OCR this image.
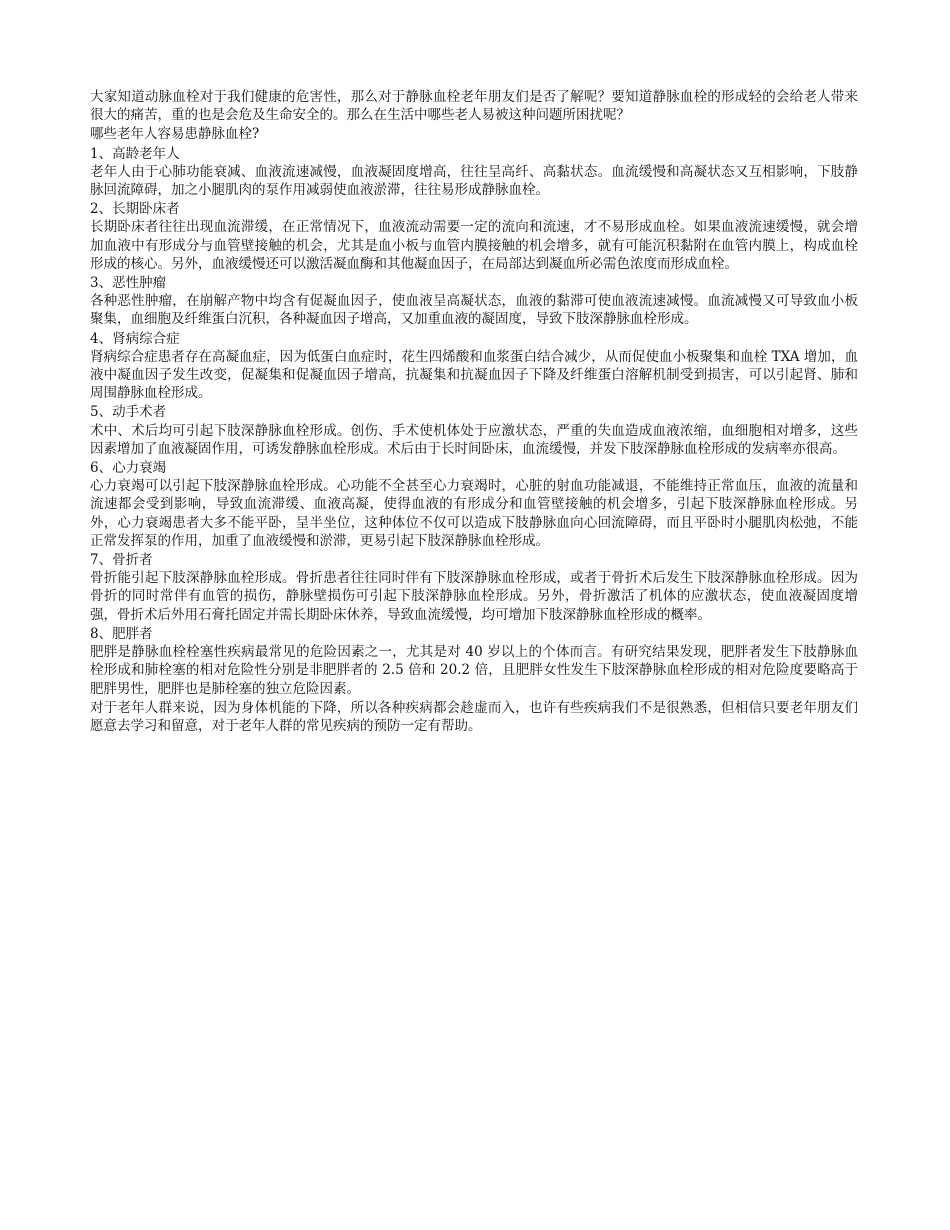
大家知道动脉血栓对于我们健康的危害性，那么对于静脉血栓老年朋友们是否了解呢？要知道静脉血栓的形成轻的会给老人带来很大的痛苦，重的也是会危及生命安全的。那么在生活中哪些老人易被这种问题所困扰呢？

哪些老年人容易患静脉血栓?

1、高龄老年人

老年人由于心肺功能衰减、血液流速减慢，血液凝固度增高，往往呈高纤、高黏状态。血流缓慢和高凝状态又互相影响，下肢静脉回流障碍，加之小腿肌肉的泵作用减弱使血液淤滞，往往易形成静脉血栓。

2、长期卧床者

长期卧床者往往出现血流滞缓，在正常情况下，血液流动需要一定的流向和流速，才不易形成血栓。如果血液流速缓慢，就会增加血液中有形成分与血管壁接触的机会，尤其是血小板与血管内膜接触的机会增多，就有可能沉积黏附在血管内膜上，构成血栓形成的核心。另外，血液缓慢还可以激活凝血酶和其他凝血因子，在局部达到凝血所必需色浓度而形成血栓。

3、恶性肿瘤

各种恶性肿瘤，在崩解产物中均含有促凝血因子，使血液呈高凝状态，血液的黏滞可使血液流速减慢。血流减慢又可导致血小板聚集，血细胞及纤维蛋白沉积，各种凝血因子增高，又加重血液的凝固度，导致下肢深静脉血栓形成。

4、肾病综合症

肾病综合症患者存在高凝血症，因为低蛋白血症时，花生四烯酸和血浆蛋白结合减少，从而促使血小板聚集和血栓 TXA 增加，血液中凝血因子发生改变，促凝集和促凝血因子增高，抗凝集和抗凝血因子下降及纤维蛋白溶解机制受到损害，可以引起肾、肺和周围静脉血栓形成。

5、动手术者

术中、术后均可引起下肢深静脉血栓形成。创伤、手术使机体处于应激状态，严重的失血造成血液浓缩，血细胞相对增多，这些因素增加了血液凝固作用，可诱发静脉血栓形成。术后由于长时间卧床，血流缓慢，并发下肢深静脉血栓形成的发病率亦很高。

6、心力衰竭

心力衰竭可以引起下肢深静脉血栓形成。心功能不全甚至心力衰竭时，心脏的射血功能减退，不能维持正常血压，血液的流量和流速都会受到影响，导致血流滞缓、血液高凝，使得血液的有形成分和血管壁接触的机会增多，引起下肢深静脉血栓形成。另外，心力衰竭患者大多不能平卧，呈半坐位，这种体位不仅可以造成下肢静脉血向心回流障碍，而且平卧时小腿肌肉松弛，不能正常发挥泵的作用，加重了血液缓慢和淤滞，更易引起下肢深静脉血栓形成。

7、骨折者

骨折能引起下肢深静脉血栓形成。骨折患者往往同时伴有下肢深静脉血栓形成，或者于骨折术后发生下肢深静脉血栓形成。因为骨折的同时常伴有血管的损伤，静脉壁损伤可引起下肢深静脉血栓形成。另外，骨折激活了机体的应激状态，使血液凝固度增强，骨折术后外用石膏托固定并需长期卧床休养，导致血流缓慢，均可增加下肢深静脉血栓形成的概率。

8、肥胖者

肥胖是静脉血栓栓塞性疾病最常见的危险因素之一，尤其是对 40 岁以上的个体而言。有研究结果发现，肥胖者发生下肢静脉血栓形成和肺栓塞的相对危险性分别是非肥胖者的 2.5 倍和 20.2 倍，且肥胖女性发生下肢深静脉血栓形成的相对危险度要略高于肥胖男性，肥胖也是肺栓塞的独立危险因素。

对于老年人群来说，因为身体机能的下降，所以各种疾病都会趁虚而入，也许有些疾病我们不是很熟悉，但相信只要老年朋友们愿意去学习和留意，对于老年人群的常见疾病的预防一定有帮助。
